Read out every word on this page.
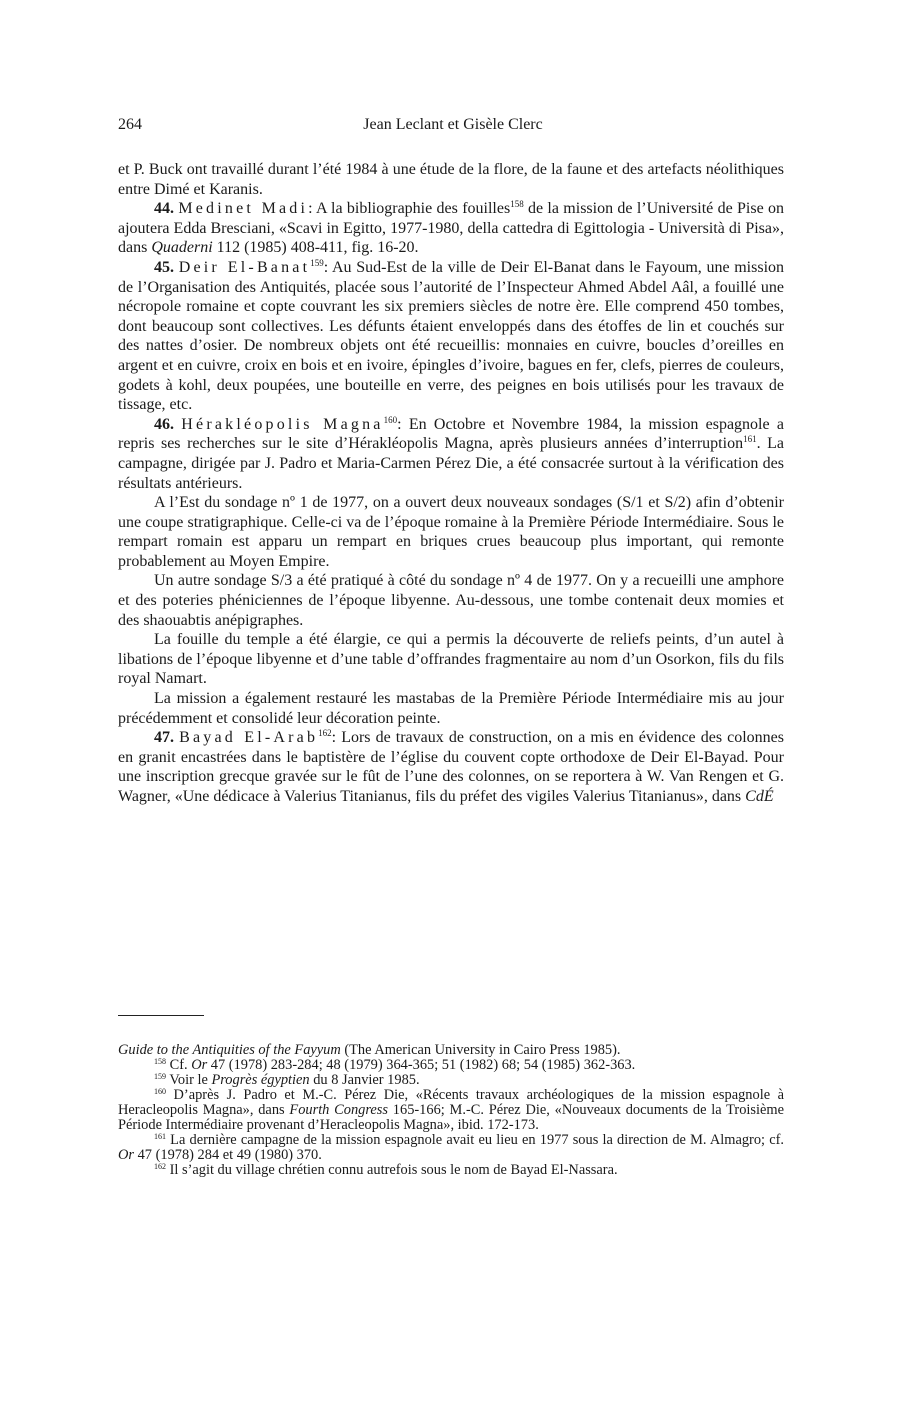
264	Jean Leclant et Gisèle Clerc

et P. Buck ont travaillé durant l’été 1984 à une étude de la flore, de la faune et des artefacts néolithiques entre Dimé et Karanis.

44. Medinet Madi: A la bibliographie des fouilles$^{158}$ de la mission de l’Université de Pise on ajoutera Edda Bresciani, «Scavi in Egitto, 1977-1980, della cattedra di Egittologia - Università di Pisa», dans Quaderni 112 (1985) 408-411, fig. 16-20.

45. Deir El-Banat$^{159}$: Au Sud-Est de la ville de Deir El-Banat dans le Fayoum, une mission de l’Organisation des Antiquités, placée sous l’autorité de l’Inspecteur Ahmed Abdel Aâl, a fouillé une nécropole romaine et copte couvrant les six premiers siècles de notre ère. Elle comprend 450 tombes, dont beaucoup sont collectives. Les défunts étaient enveloppés dans des étoffes de lin et couchés sur des nattes d’osier. De nombreux objets ont été recueillis: monnaies en cuivre, boucles d’oreilles en argent et en cuivre, croix en bois et en ivoire, épingles d’ivoire, bagues en fer, clefs, pierres de couleurs, godets à kohl, deux poupées, une bouteille en verre, des peignes en bois utilisés pour les travaux de tissage, etc.

46. Hérakléopolis Magna$^{160}$: En Octobre et Novembre 1984, la mission espagnole a repris ses recherches sur le site d’Hérakléopolis Magna, après plusieurs années d’interruption$^{161}$. La campagne, dirigée par J. Padro et Maria-Carmen Pérez Die, a été consacrée surtout à la vérification des résultats antérieurs.

A l’Est du sondage nº 1 de 1977, on a ouvert deux nouveaux sondages (S/1 et S/2) afin d’obtenir une coupe stratigraphique. Celle-ci va de l’époque romaine à la Première Période Intermédiaire. Sous le rempart romain est apparu un rempart en briques crues beaucoup plus important, qui remonte probablement au Moyen Empire.

Un autre sondage S/3 a été pratiqué à côté du sondage nº 4 de 1977. On y a recueilli une amphore et des poteries phéniciennes de l’époque libyenne. Au-dessous, une tombe contenait deux momies et des shaouabtis anépigraphes.

La fouille du temple a été élargie, ce qui a permis la découverte de reliefs peints, d’un autel à libations de l’époque libyenne et d’une table d’offrandes fragmentaire au nom d’un Osorkon, fils du fils royal Namart.

La mission a également restauré les mastabas de la Première Période Intermédiaire mis au jour précédemment et consolidé leur décoration peinte.

47. Bayad El-Arab$^{162}$: Lors de travaux de construction, on a mis en évidence des colonnes en granit encastrées dans le baptistère de l’église du couvent copte orthodoxe de Deir El-Bayad. Pour une inscription grecque gravée sur le fût de l’une des colonnes, on se reportera à W. Van Rengen et G. Wagner, «Une dédicace à Valerius Titanianus, fils du préfet des vigiles Valerius Titanianus», dans CdÉ

Guide to the Antiquities of the Fayyum (The American University in Cairo Press 1985).

$^{158}$ Cf. Or 47 (1978) 283-284; 48 (1979) 364-365; 51 (1982) 68; 54 (1985) 362-363.

$^{159}$ Voir le Progrès égyptien du 8 Janvier 1985.

$^{160}$ D’après J. Padro et M.-C. Pérez Die, «Récents travaux archéologiques de la mission espagnole à Heracleopolis Magna», dans Fourth Congress 165-166; M.-C. Pérez Die, «Nouveaux documents de la Troisième Période Intermédiaire provenant d’Heracleopolis Magna», ibid. 172-173.

$^{161}$ La dernière campagne de la mission espagnole avait eu lieu en 1977 sous la direction de M. Almagro; cf. Or 47 (1978) 284 et 49 (1980) 370.

$^{162}$ Il s’agit du village chrétien connu autrefois sous le nom de Bayad El-Nassara.
